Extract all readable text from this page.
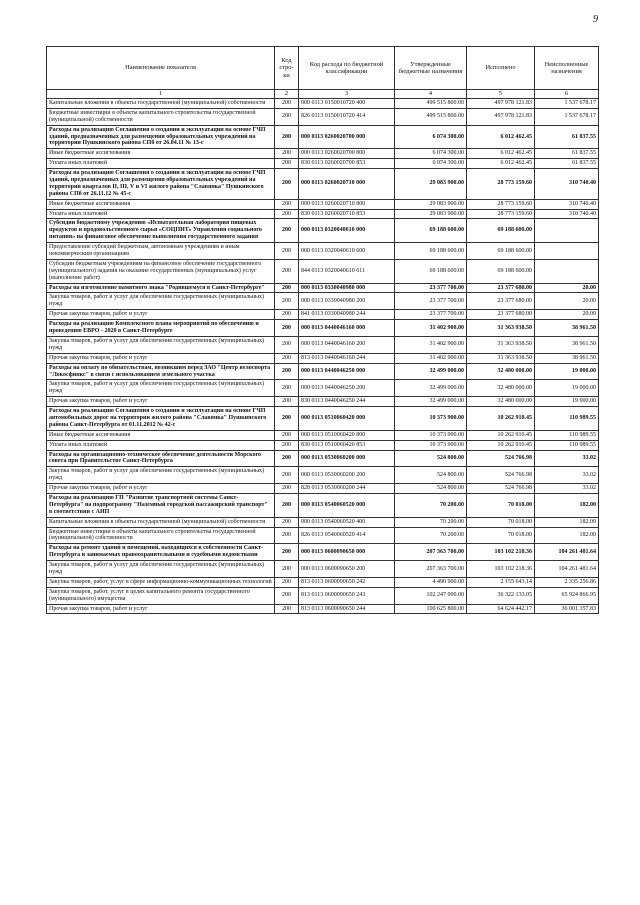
9
Наименование показателя	Код стро- ки	Код расхода по бюджетной классификации	Утвержденные бюджетные назначения	Исполнено	Неисполненные назначения
1	2	3	4	5	6
Капитальные вложения в объекты государственной (муниципальной) собственности	200	000 0113 0150010720 400	499 515 800.00	497 978 121.83	1 537 678.17
Бюджетные инвестиции в объекты капитального строительства государственной (муниципальной) собственности	200	826 0113 0150010720 414	499 515 800.00	497 978 121.83	1 537 678.17
Расходы на реализацию Соглашения о создании и эксплуатации на основе ГЧП зданий, предназначенных для размещения образовательных учреждений на территории Пушкинского района СПб от 26.04.11 № 13-с	200	000 0113 0260020700 000	6 074 300.00	6 012 462.45	61 837.55
Иные бюджетные ассигнования	200	000 0113 0260020700 800	6 074 300.00	6 012 462.45	61 837.55
Уплата иных платежей	200	830 0113 0260020700 853	6 074 300.00	6 012 462.45	61 837.55
Расходы на реализацию Соглашения о создании и эксплуатации на основе ГЧП зданий, предназначенных для размещения образовательных учреждений на территории кварталов II, III, V и VI жилого района "Славянка" Пушкинского района СПб от 26.11.12 № 45-с	200	000 0113 0260020710 000	29 083 900.00	28 773 159.60	310 740.40
Иные бюджетные ассигнования	200	000 0113 0260020710 800	29 083 900.00	28 773 159.60	310 740.40
Уплата иных платежей	200	830 0113 0260020710 853	29 083 900.00	28 773 159.60	310 740.40
Субсидии бюджетному учреждению «Испытательная лаборатория пищевых продуктов и продовольственного сырья «СОЦПИТ» Управления социального питания» на финансовое обеспечение выполнения государственного задания	200	000 0113 0320040610 000	69 188 600.00	69 188 600.00	
Предоставление субсидий бюджетным, автономным учреждениям и иным некоммерческим организациям	200	000 0113 0320040610 600	69 188 600.00	69 188 600.00	
Субсидии бюджетным учреждениям на финансовое обеспечение государственного (муниципального) задания на оказание государственных (муниципальных) услуг (выполнение работ)	200	844 0113 0320040610 611	69 188 600.00	69 188 600.00	
Расходы на изготовление памятного знака "Родившемуся в Санкт-Петербурге"	200	000 0113 0330040980 000	23 377 700.00	23 377 680.00	20.00
Закупка товаров, работ и услуг для обеспечения государственных (муниципальных) нужд	200	000 0113 0330040980 200	23 377 700.00	23 377 680.00	20.00
Прочая закупка товаров, работ и услуг	200	841 0113 0330040980 244	23 377 700.00	23 377 680.00	20.00
Расходы на реализацию Комплексного плана мероприятий по обеспечению и проведению ЕВРО - 2020 в Санкт-Петербурге	200	000 0113 0440046160 000	31 402 900.00	31 363 938.50	38 961.50
Закупка товаров, работ и услуг для обеспечения государственных (муниципальных) нужд	200	000 0113 0440046160 200	31 402 900.00	31 363 938.50	38 961.50
Прочая закупка товаров, работ и услуг	200	813 0113 0440046160 244	31 402 900.00	31 363 938.50	38 961.50
Расходы на оплату по обязательствам, возникшим перед ЗАО "Центр велоспорта "Локосфинкс" в связи с использованием земельного участка	200	000 0113 0440046250 000	32 499 000.00	32 480 000.00	19 000.00
Закупка товаров, работ и услуг для обеспечения государственных (муниципальных) нужд	200	000 0113 0440046250 200	32 499 000.00	32 480 000.00	19 000.00
Прочая закупка товаров, работ и услуг	200	830 0113 0440046250 244	32 499 000.00	32 480 000.00	19 000.00
Расходы на реализацию Соглашения о создании и эксплуатации на основе ГЧП автомобильных дорог на территории жилого района "Славянка" Пушкинского района Санкт-Петербурга от 01.11.2012 № 42-с	200	000 0113 0510060420 000	10 373 900.00	10 262 910.45	110 989.55
Иные бюджетные ассигнования	200	000 0113 0510060420 800	10 373 900.00	10 262 910.45	110 989.55
Уплата иных платежей	200	830 0113 0510060420 853	10 373 900.00	10 262 910.45	110 989.55
Расходы на организационно-техническое обеспечение деятельности Морского совета при Правительстве Санкт-Петербурга	200	000 0113 0530060200 000	524 800.00	524 766.98	33.02
Закупка товаров, работ и услуг для обеспечения государственных (муниципальных) нужд	200	000 0113 0530060200 200	524 800.00	524 766.98	33.02
Прочая закупка товаров, работ и услуг	200	828 0113 0530060200 244	524 800.00	524 766.98	33.02
Расходы на реализацию ГП "Развитие транспортной системы Санкт-Петербурга" на подпрограмму "Наземный городской пассажирский транспорт" в соответствии с АИП	200	000 0113 0540060520 000	70 200.00	70 018.00	182.00
Капитальные вложения в объекты государственной (муниципальной) собственности	200	000 0113 0540060520 400	70 200.00	70 018.00	182.00
Бюджетные инвестиции в объекты капитального строительства государственной (муниципальной) собственности	200	826 0113 0540060520 414	70 200.00	70 018.00	182.00
Расходы на ремонт зданий и помещений, находящихся в собственности Санкт-Петербурга и занимаемых правоохранительными и судебными ведомствами	200	000 0113 0600090650 000	207 363 700.00	103 102 218.36	104 261 481.64
Закупка товаров, работ и услуг для обеспечения государственных (муниципальных) нужд	200	000 0113 0600090650 200	207 363 700.00	103 102 218.36	104 261 481.64
Закупка товаров, работ, услуг в сфере информационно-коммуникационных технологий	200	813 0113 0600090650 242	4 490 900.00	2 155 643.14	2 335 256.86
Закупка товаров, работ, услуг в целях капитального ремонта государственного (муниципального) имущества	200	813 0113 0600090650 243	102 247 000.00	36 322 133.05	65 924 866.95
Прочая закупка товаров, работ и услуг	200	813 0113 0600090650 244	100 625 800.00	64 624 442.17	36 001 357.83
